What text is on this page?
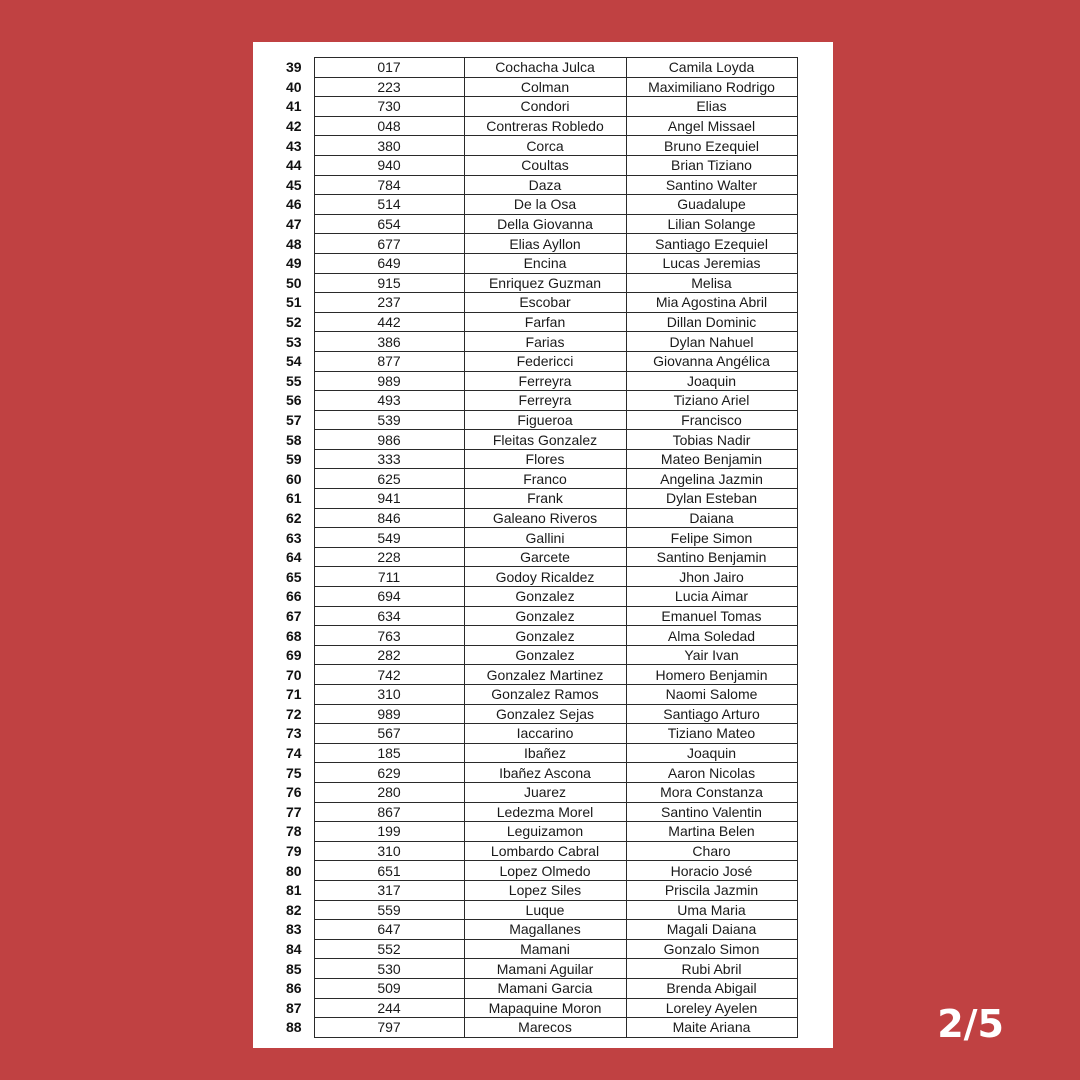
39	017	Cochacha Julca	Camila Loyda
40	223	Colman	Maximiliano Rodrigo
41	730	Condori	Elias
42	048	Contreras Robledo	Angel Missael
43	380	Corca	Bruno Ezequiel
44	940	Coultas	Brian Tiziano
45	784	Daza	Santino Walter
46	514	De la Osa	Guadalupe
47	654	Della Giovanna	Lilian Solange
48	677	Elias Ayllon	Santiago Ezequiel
49	649	Encina	Lucas Jeremias
50	915	Enriquez Guzman	Melisa
51	237	Escobar	Mia Agostina Abril
52	442	Farfan	Dillan Dominic
53	386	Farias	Dylan Nahuel
54	877	Federicci	Giovanna Angélica
55	989	Ferreyra	Joaquin
56	493	Ferreyra	Tiziano Ariel
57	539	Figueroa	Francisco
58	986	Fleitas Gonzalez	Tobias Nadir
59	333	Flores	Mateo Benjamin
60	625	Franco	Angelina Jazmin
61	941	Frank	Dylan Esteban
62	846	Galeano Riveros	Daiana
63	549	Gallini	Felipe Simon
64	228	Garcete	Santino Benjamin
65	711	Godoy Ricaldez	Jhon Jairo
66	694	Gonzalez	Lucia Aimar
67	634	Gonzalez	Emanuel Tomas
68	763	Gonzalez	Alma Soledad
69	282	Gonzalez	Yair Ivan
70	742	Gonzalez Martinez	Homero Benjamin
71	310	Gonzalez Ramos	Naomi Salome
72	989	Gonzalez Sejas	Santiago Arturo
73	567	Iaccarino	Tiziano Mateo
74	185	Ibañez	Joaquin
75	629	Ibañez Ascona	Aaron Nicolas
76	280	Juarez	Mora Constanza
77	867	Ledezma Morel	Santino Valentin
78	199	Leguizamon	Martina Belen
79	310	Lombardo Cabral	Charo
80	651	Lopez Olmedo	Horacio José
81	317	Lopez Siles	Priscila Jazmin
82	559	Luque	Uma Maria
83	647	Magallanes	Magali Daiana
84	552	Mamani	Gonzalo Simon
85	530	Mamani Aguilar	Rubi Abril
86	509	Mamani Garcia	Brenda Abigail
87	244	Mapaquine Moron	Loreley Ayelen
88	797	Marecos	Maite Ariana	2/5
